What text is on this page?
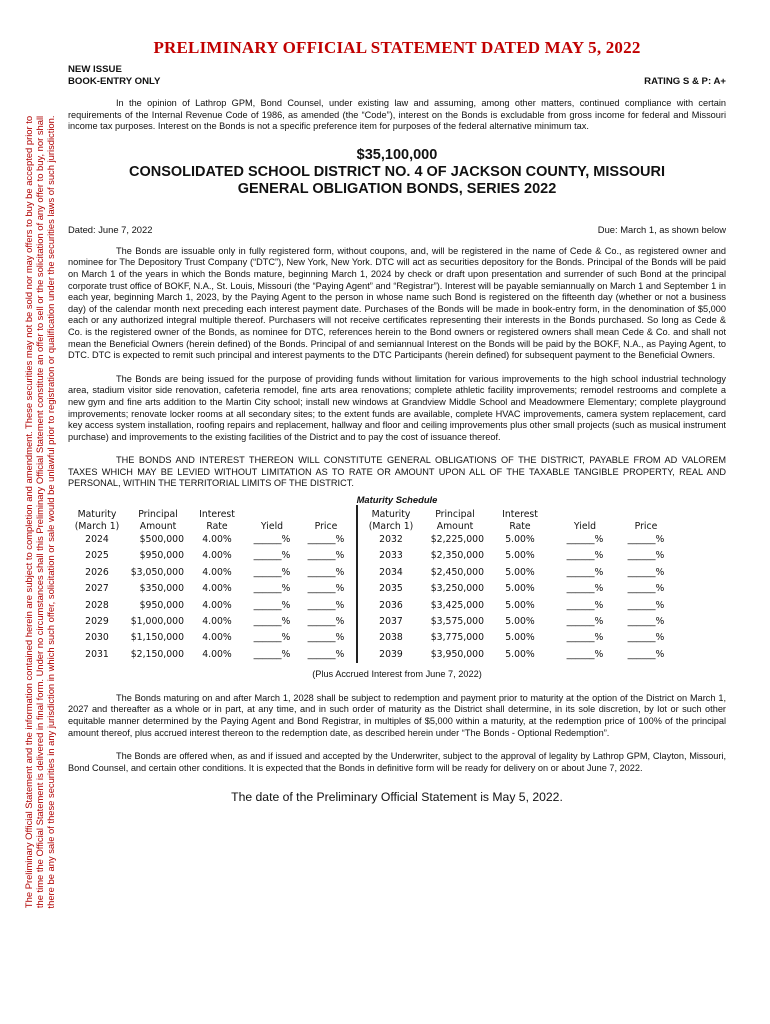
The Preliminary Official Statement and the information contained herein are subject to completion and amendment. These securities may not be sold nor may offers to buy be accepted prior to the time the Official Statement is delivered in final form. Under no circumstances shall this Preliminary Official Statement constitute an offer to sell or the solicitation of any offer to buy, nor shall there be any sale of these securities in any jurisdiction in which such offer, solicitation or sale would be unlawful prior to registration or qualification under the securities laws of such jurisdiction.
PRELIMINARY OFFICIAL STATEMENT DATED MAY 5, 2022
NEW ISSUE
BOOK-ENTRY ONLY	RATING S & P: A+

In the opinion of Lathrop GPM, Bond Counsel, under existing law and assuming, among other matters, continued compliance with certain requirements of the Internal Revenue Code of 1986, as amended (the “Code”), interest on the Bonds is excludable from gross income for federal and Missouri income tax purposes. Interest on the Bonds is not a specific preference item for purposes of the federal alternative minimum tax.

$35,100,000
CONSOLIDATED SCHOOL DISTRICT NO. 4 OF JACKSON COUNTY, MISSOURI
GENERAL OBLIGATION BONDS, SERIES 2022
Dated: June 7, 2022	Due: March 1, as shown below

The Bonds are issuable only in fully registered form, without coupons, and, will be registered in the name of Cede & Co., as registered owner and nominee for The Depository Trust Company (“DTC”), New York, New York. DTC will act as securities depository for the Bonds. Principal of the Bonds will be paid on March 1 of the years in which the Bonds mature, beginning March 1, 2024 by check or draft upon presentation and surrender of such Bond at the principal corporate trust office of BOKF, N.A., St. Louis, Missouri (the “Paying Agent” and “Registrar”). Interest will be payable semiannually on March 1 and September 1 in each year, beginning March 1, 2023, by the Paying Agent to the person in whose name such Bond is registered on the fifteenth day (whether or not a business day) of the calendar month next preceding each interest payment date. Purchases of the Bonds will be made in book-entry form, in the denomination of $5,000 each or any authorized integral multiple thereof. Purchasers will not receive certificates representing their interests in the Bonds purchased. So long as Cede & Co. is the registered owner of the Bonds, as nominee for DTC, references herein to the Bond owners or registered owners shall mean Cede & Co. and shall not mean the Beneficial Owners (herein defined) of the Bonds. Principal of and semiannual Interest on the Bonds will be paid by the BOKF, N.A., as Paying Agent, to DTC. DTC is expected to remit such principal and interest payments to the DTC Participants (herein defined) for subsequent payment to the Beneficial Owners.

The Bonds are being issued for the purpose of providing funds without limitation for various improvements to the high school industrial technology area, stadium visitor side renovation, cafeteria remodel, fine arts area renovations; complete athletic facility improvements; remodel restrooms and complete a new gym and fine arts addition to the Martin City school; install new windows at Grandview Middle School and Meadowmere Elementary; complete playground improvements; renovate locker rooms at all secondary sites; to the extent funds are available, complete HVAC improvements, camera system replacement, card key access system installation, roofing repairs and replacement, hallway and floor and ceiling improvements plus other small projects (such as musical instrument purchase) and improvements to the existing facilities of the District and to pay the cost of issuance thereof.

THE BONDS AND INTEREST THEREON WILL CONSTITUTE GENERAL OBLIGATIONS OF THE DISTRICT, PAYABLE FROM AD VALOREM TAXES WHICH MAY BE LEVIED WITHOUT LIMITATION AS TO RATE OR AMOUNT UPON ALL OF THE TAXABLE TANGIBLE PROPERTY, REAL AND PERSONAL, WITHIN THE TERRITORIAL LIMITS OF THE DISTRICT.

Maturity Schedule
Maturity (March 1)
Principal Amount
Interest Rate	Yield	Price
2024	$500,000	4.00%	______%	______%
2025	$950,000	4.00%	______%	______%
2026	$3,050,000	4.00%	______%	______%
2027	$350,000	4.00%	______%	______%
2028	$950,000	4.00%	______%	______%
2029	$1,000,000	4.00%	______%	______%
2030	$1,150,000	4.00%	______%	______%
2031	$2,150,000	4.00%	______%	______%
Maturity (March 1)
Principal Amount
Interest Rate	Yield	Price
2032	$2,225,000	5.00%	______%	______%
2033	$2,350,000	5.00%	______%	______%
2034	$2,450,000	5.00%	______%	______%
2035	$3,250,000	5.00%	______%	______%
2036	$3,425,000	5.00%	______%	______%
2037	$3,575,000	5.00%	______%	______%
2038	$3,775,000	5.00%	______%	______%
2039	$3,950,000	5.00%	______%	______%
(Plus Accrued Interest from June 7, 2022)

The Bonds maturing on and after March 1, 2028 shall be subject to redemption and payment prior to maturity at the option of the District on March 1, 2027 and thereafter as a whole or in part, at any time, and in such order of maturity as the District shall determine, in its sole discretion, by lot or such other equitable manner determined by the Paying Agent and Bond Registrar, in multiples of $5,000 within a maturity, at the redemption price of 100% of the principal amount thereof, plus accrued interest thereon to the redemption date, as described herein under “The Bonds - Optional Redemption”.

The Bonds are offered when, as and if issued and accepted by the Underwriter, subject to the approval of legality by Lathrop GPM, Clayton, Missouri, Bond Counsel, and certain other conditions. It is expected that the Bonds in definitive form will be ready for delivery on or about June 7, 2022.

The date of the Preliminary Official Statement is May 5, 2022.
